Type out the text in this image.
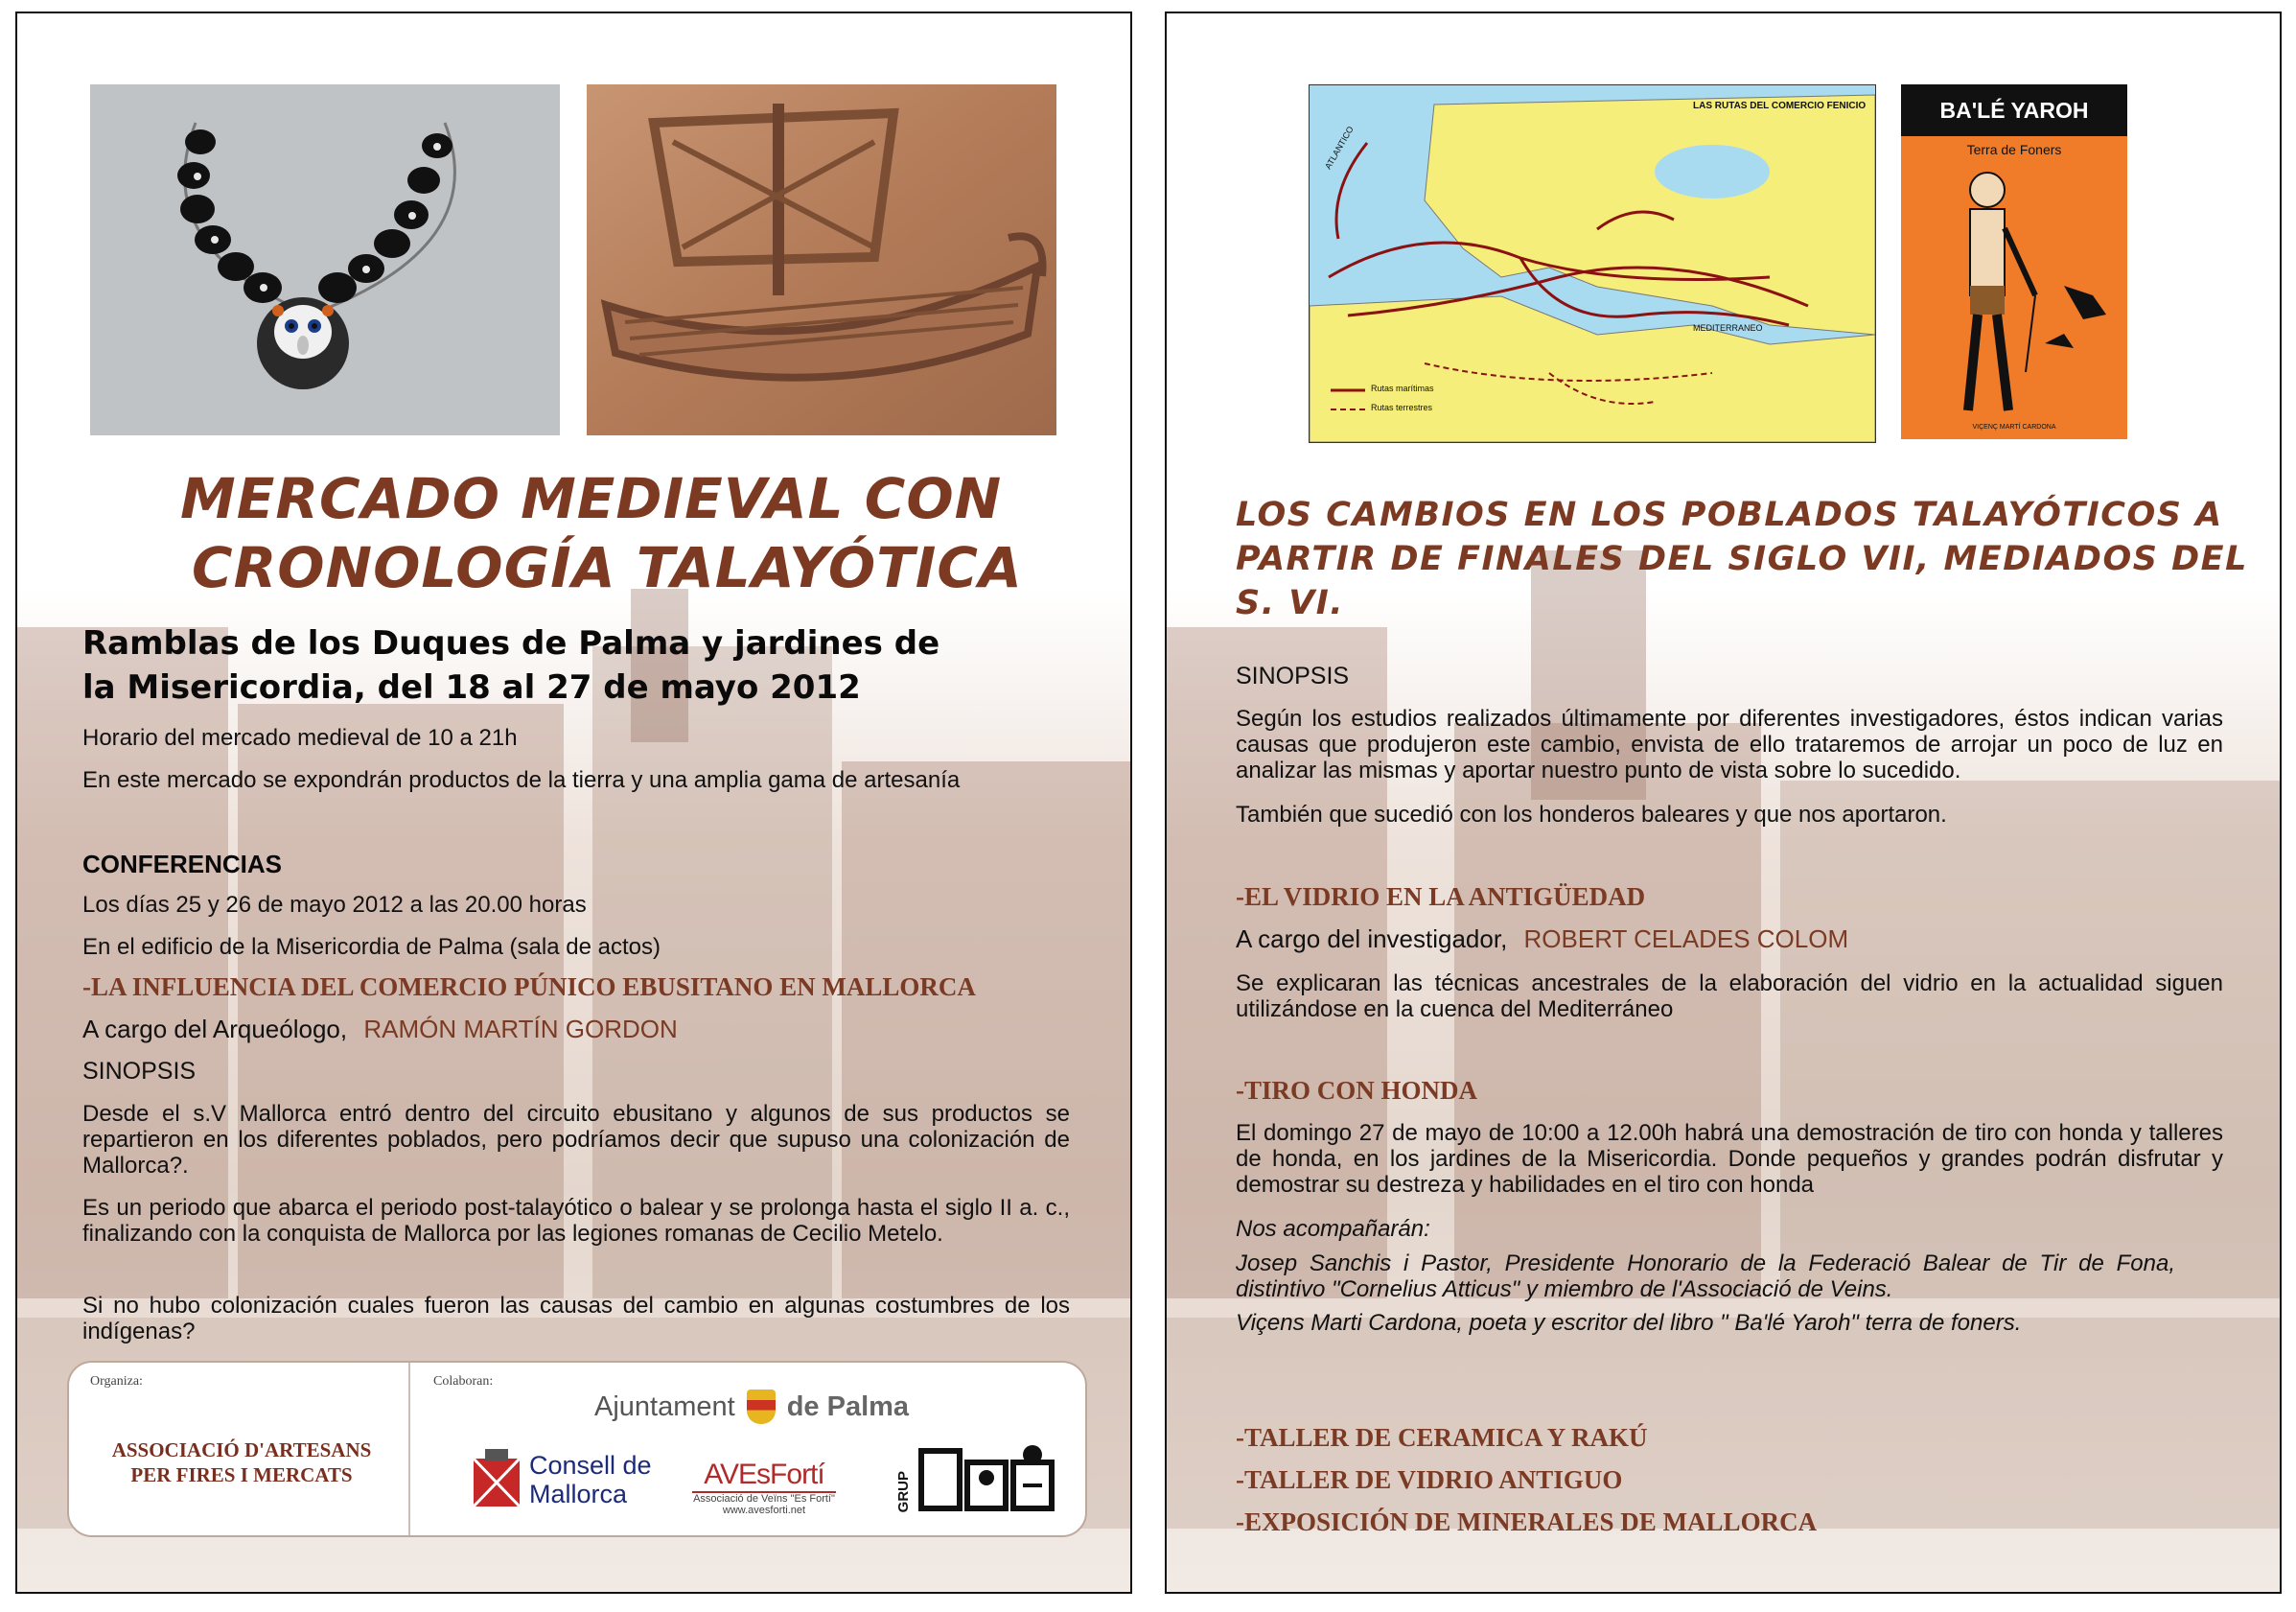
MERCADO MEDIEVAL CON
CRONOLOGÍA TALAYÓTICA
Ramblas de los Duques de Palma y jardines de
la Misericordia, del 18 al 27 de mayo 2012
Horario del mercado medieval de 10 a 21h
En este mercado se expondrán productos de la tierra y una amplia gama de artesanía
CONFERENCIAS
Los días 25 y 26 de mayo 2012 a las 20.00 horas
En el edificio de la Misericordia de Palma (sala de actos)
-LA INFLUENCIA DEL COMERCIO PÚNICO EBUSITANO EN MALLORCA
A cargo del Arqueólogo, RAMÓN MARTÍN GORDON
SINOPSIS

Desde el s.V Mallorca entró dentro del circuito ebusitano y algunos de sus productos se repartieron en los diferentes poblados, pero podríamos decir que supuso una colonización de Mallorca?.

Es un periodo que abarca el periodo post-talayótico o balear y se prolonga hasta el siglo II a. c., finalizando con la conquista de Mallorca por las legiones romanas de Cecilio Metelo.

Si no hubo colonización cuales fueron las causas del cambio en algunas costumbres de los indígenas?

Organiza:
ASSOCIACIÓ D'ARTESANS
PER FIRES I MERCATS
Colaboran:
Ajuntament de Palma
Consell de
Mallorca
AVEsFortí
Associació de Veïns "Es Fortí"
www.avesforti.net	GRUP
LAS RUTAS DEL COMERCIO FENICIO
Rutas marítimas
Rutas terrestres
MEDITERRANEO
ATLANTICO
BA'LÉ YAROH
Terra de Foners
VIÇENÇ MARTÍ CARDONA
LOS CAMBIOS EN LOS POBLADOS TALAYÓTICOS A
PARTIR DE FINALES DEL SIGLO VII, MEDIADOS DEL S. VI.
SINOPSIS

Según los estudios realizados últimamente por diferentes investigadores, éstos indican varias causas que produjeron este cambio, envista de ello trataremos de arrojar un poco de luz en analizar las mismas y aportar nuestro punto de vista sobre lo sucedido.

También que sucedió con los honderos baleares y que nos aportaron.

-EL VIDRIO EN LA ANTIGÜEDAD
A cargo del investigador, ROBERT CELADES COLOM

Se explicaran las técnicas ancestrales de la elaboración del vidrio en la actualidad siguen utilizándose en la cuenca del Mediterráneo

-TIRO CON HONDA

El domingo 27 de mayo de 10:00 a 12.00h habrá una demostración de tiro con honda y talleres de honda, en los jardines de la Misericordia. Donde pequeños y grandes podrán disfrutar y demostrar su destreza y habilidades en el tiro con honda

Nos acompañarán:

Josep Sanchis i Pastor, Presidente Honorario de la Federació Balear de Tir de Fona, distintivo "Cornelius Atticus" y miembro de l'Associació de Veins.

Viçens Marti Cardona, poeta y escritor del libro " Ba'lé Yaroh" terra de foners.

-TALLER DE CERAMICA Y RAKÚ
-TALLER DE VIDRIO ANTIGUO
-EXPOSICIÓN DE MINERALES DE MALLORCA
